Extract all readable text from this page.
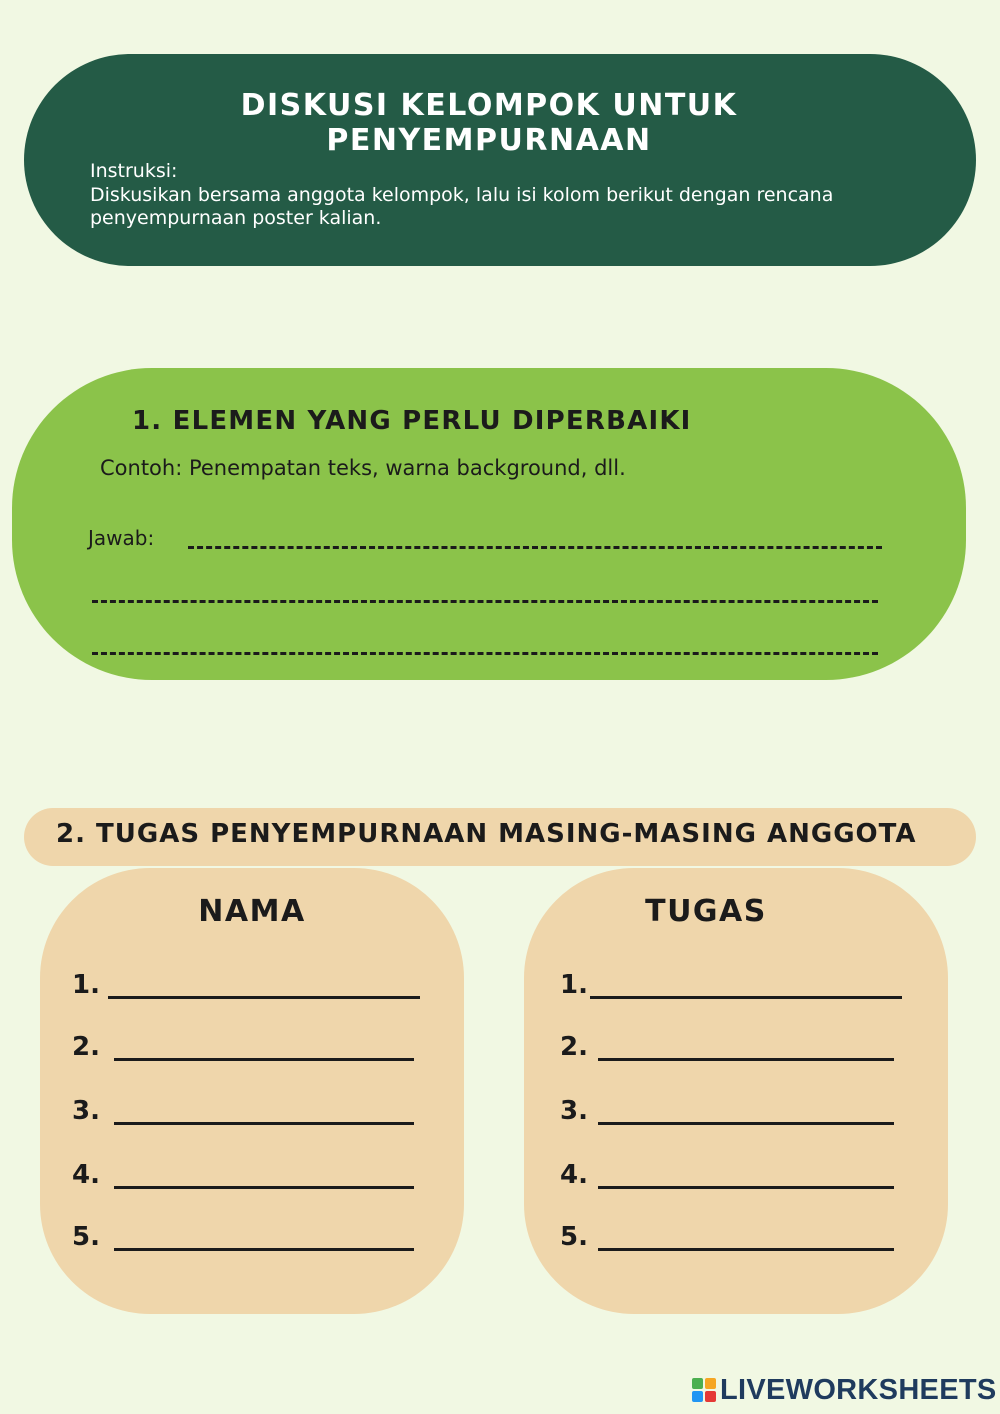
DISKUSI KELOMPOK UNTUK PENYEMPURNAAN
Instruksi:
Diskusikan bersama anggota kelompok, lalu isi kolom berikut dengan rencana penyempurnaan poster kalian.
1. ELEMEN YANG PERLU DIPERBAIKI
Contoh: Penempatan teks, warna background, dll.
Jawab:
2. TUGAS PENYEMPURNAAN MASING-MASING ANGGOTA
NAMA
1.
2.
3.
4.
5.
TUGAS
1.
2.
3.
4.
5.
LIVEWORKSHEETS
